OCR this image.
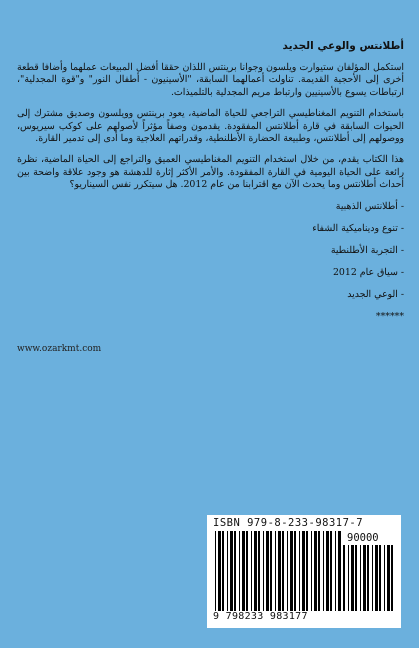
أطلانتس والوعي الجديد

استكمل المؤلفان ستيوارت ويلسون وجوانا برينتس اللذان حققا أفضل المبيعات عملهما وأضافا قطعة أخرى إلى الأحجية القديمة. تناولت أعمالهما السابقة، "الأسينيون - أطفال النور" و"قوة المجدلية"، ارتباطات يسوع بالأسينيين وارتباط مريم المجدلية بالتلميذات.

باستخدام التنويم المغناطيسي التراجعي للحياة الماضية، يعود برينتس وويلسون وصديق مشترك إلى الحيوات السابقة في قارة أطلانتس المفقودة. يقدمون وصفاً مؤثراً لأصولهم على كوكب سيريوس، ووصولهم إلى أطلانتس، وطبيعة الحضارة الأطلنطية، وقدراتهم العلاجية وما أدى إلى تدمير القارة.

هذا الكتاب يقدم، من خلال استخدام التنويم المغناطيسي العميق والتراجع إلى الحياة الماضية، نظرة رائعة على الحياة اليومية في القارة المفقودة. والأمر الأكثر إثارة للدهشة هو وجود علاقة واضحة بين أحداث أطلانتس وما يحدث الآن مع اقترابنا من عام 2012. هل سيتكرر نفس السيناريو؟

- أطلانتس الذهبية
- تنوع وديناميكية الشفاء
- التجربة الأطلنطية
- سياق عام 2012
- الوعي الجديد
******
www.ozarkmt.com
ISBN 979-8-233-98317-7
90000
9 798233 983177
